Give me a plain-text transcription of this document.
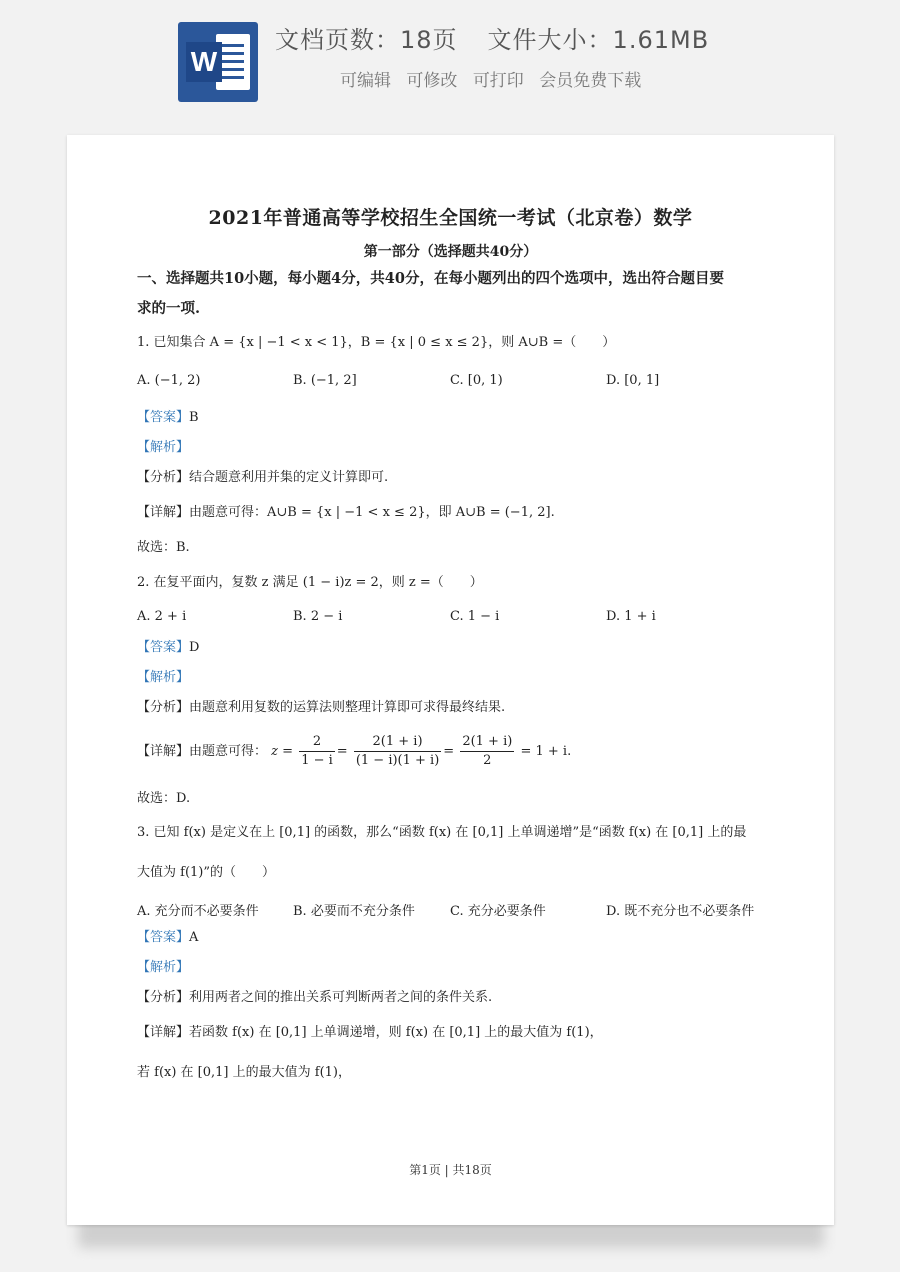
W
文档页数：18页 文件大小：1.61MB
可编辑 可修改 可打印 会员免费下载
2021年普通高等学校招生全国统一考试（北京卷）数学
第一部分（选择题共40分）
一、选择题共10小题，每小题4分，共40分，在每小题列出的四个选项中，选出符合题目要
求的一项.
1. 已知集合 A = {x | −1 < x < 1}，B = {x | 0 ≤ x ≤ 2}，则 A∪B =（　　）
A. (−1, 2)	B. (−1, 2]	C. [0, 1)	D. [0, 1]
【答案】B
【解析】
【分析】结合题意利用并集的定义计算即可.
【详解】由题意可得：A∪B = {x | −1 < x ≤ 2}，即 A∪B = (−1, 2].
故选：B.
2. 在复平面内，复数 z 满足 (1 − i)z = 2，则 z =（　　）
A. 2 + i	B. 2 − i	C. 1 − i	D. 1 + i
【答案】D
【解析】
【分析】由题意利用复数的运算法则整理计算即可求得最终结果.
【详解】由题意可得： $z = \frac{2}{1 - i} = \frac{2(1 + i)}{(1 - i)(1 + i)} = \frac{2(1 + i)}{2} = 1 + i$.
故选：D.
3. 已知 f(x) 是定义在上 [0,1] 的函数，那么“函数 f(x) 在 [0,1] 上单调递增”是“函数 f(x) 在 [0,1] 上的最
大值为 f(1)”的（　　）
A. 充分而不必要条件	B. 必要而不充分条件	C. 充分必要条件	D. 既不充分也不必要条件
【答案】A
【解析】
【分析】利用两者之间的推出关系可判断两者之间的条件关系.
【详解】若函数 f(x) 在 [0,1] 上单调递增，则 f(x) 在 [0,1] 上的最大值为 f(1)，
若 f(x) 在 [0,1] 上的最大值为 f(1)，
第1页 | 共18页
